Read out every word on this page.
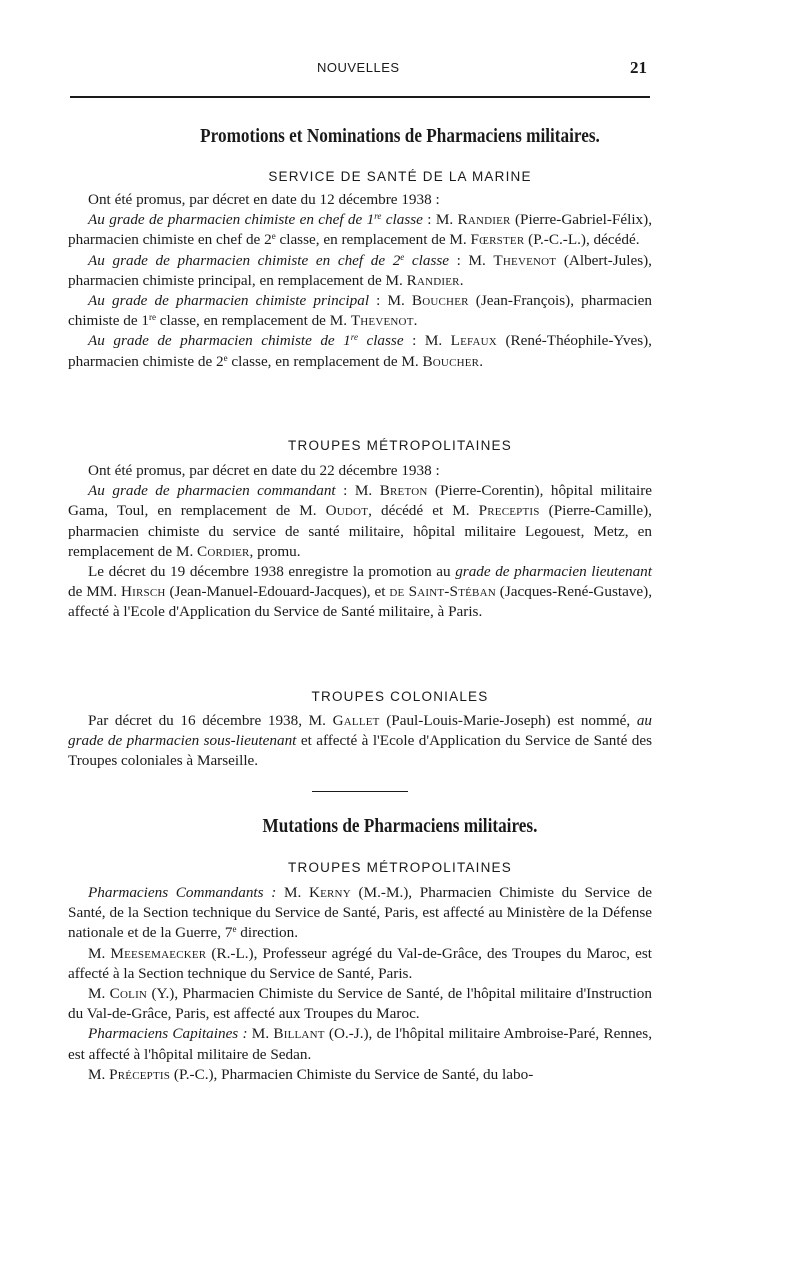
NOUVELLES	21
Promotions et Nominations de Pharmaciens militaires.
SERVICE DE SANTÉ DE LA MARINE

Ont été promus, par décret en date du 12 décembre 1938 :

Au grade de pharmacien chimiste en chef de 1re classe : M. Randier (Pierre-Gabriel-Félix), pharmacien chimiste en chef de 2e classe, en remplacement de M. Fœrster (P.-C.-L.), décédé.

Au grade de pharmacien chimiste en chef de 2e classe : M. Thevenot (Albert-Jules), pharmacien chimiste principal, en remplacement de M. Randier.

Au grade de pharmacien chimiste principal : M. Boucher (Jean-François), pharmacien chimiste de 1re classe, en remplacement de M. Thevenot.

Au grade de pharmacien chimiste de 1re classe : M. Lefaux (René-Théophile-Yves), pharmacien chimiste de 2e classe, en remplacement de M. Boucher.

TROUPES MÉTROPOLITAINES

Ont été promus, par décret en date du 22 décembre 1938 :

Au grade de pharmacien commandant : M. Breton (Pierre-Corentin), hôpital militaire Gama, Toul, en remplacement de M. Oudot, décédé et M. Preceptis (Pierre-Camille), pharmacien chimiste du service de santé militaire, hôpital militaire Legouest, Metz, en remplacement de M. Cordier, promu.

Le décret du 19 décembre 1938 enregistre la promotion au grade de pharmacien lieutenant de MM. Hirsch (Jean-Manuel-Edouard-Jacques), et de Saint-Stéban (Jacques-René-Gustave), affecté à l'Ecole d'Application du Service de Santé militaire, à Paris.

TROUPES COLONIALES

Par décret du 16 décembre 1938, M. Gallet (Paul-Louis-Marie-Joseph) est nommé, au grade de pharmacien sous-lieutenant et affecté à l'Ecole d'Application du Service de Santé des Troupes coloniales à Marseille.

Mutations de Pharmaciens militaires.
TROUPES MÉTROPOLITAINES

Pharmaciens Commandants : M. Kerny (M.-M.), Pharmacien Chimiste du Service de Santé, de la Section technique du Service de Santé, Paris, est affecté au Ministère de la Défense nationale et de la Guerre, 7e direction.

M. Meesemaecker (R.-L.), Professeur agrégé du Val-de-Grâce, des Troupes du Maroc, est affecté à la Section technique du Service de Santé, Paris.

M. Colin (Y.), Pharmacien Chimiste du Service de Santé, de l'hôpital militaire d'Instruction du Val-de-Grâce, Paris, est affecté aux Troupes du Maroc.

Pharmaciens Capitaines : M. Billant (O.-J.), de l'hôpital militaire Ambroise-Paré, Rennes, est affecté à l'hôpital militaire de Sedan.

M. Préceptis (P.-C.), Pharmacien Chimiste du Service de Santé, du labo-
